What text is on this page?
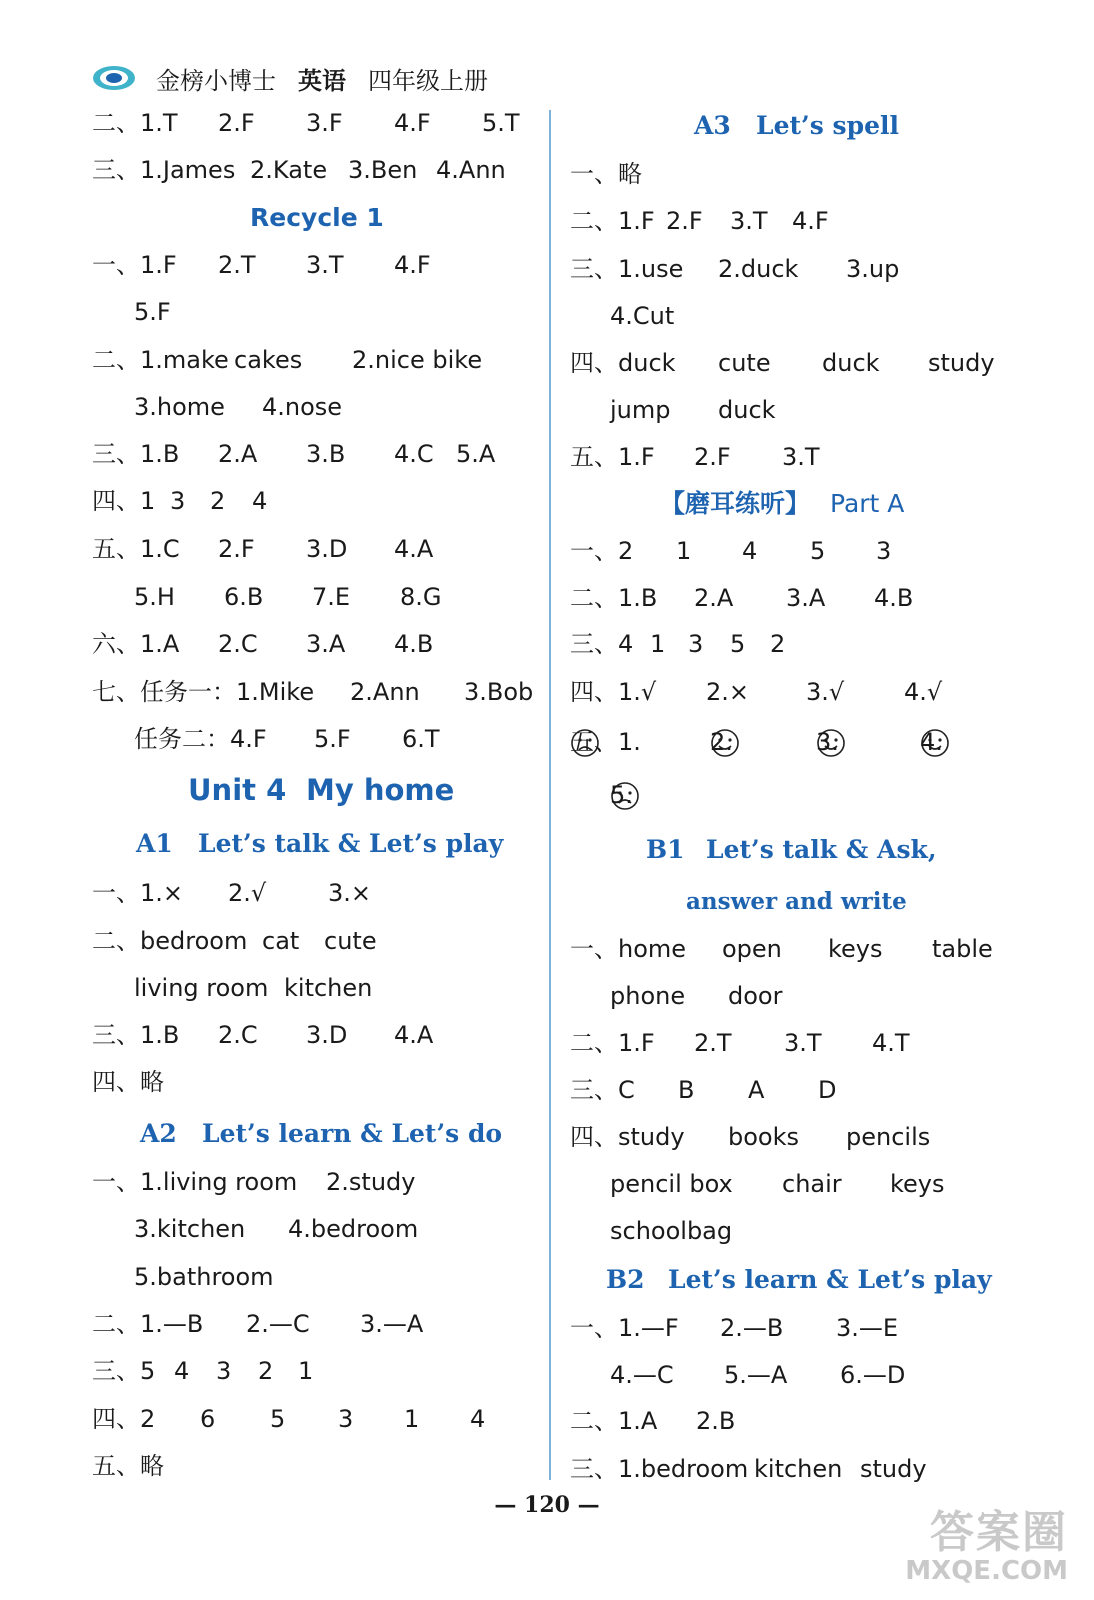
金榜小博士 英语 四年级上册
二、1.T 2.F 3.F 4.F 5.T
三、1.James 2.Kate 3.Ben 4.Ann
Recycle 1
一、1.F 2.T 3.T 4.F
5.F
二、1.make cakes 2.nice bike
3.home 4.nose
三、1.B 2.A 3.B 4.C 5.A
四、1 3 2 4
五、1.C 2.F 3.D 4.A
5.H 6.B 7.E 8.G
六、1.A 2.C 3.A 4.B
七、任务一：1.Mike 2.Ann 3.Bob
任务二：4.F 5.F 6.T
Unit 4 My home
A1 Let’s talk & Let’s play
一、1.× 2.√	3.×
二、bedroom cat cute
living room kitchen
三、1.B 2.C 3.D 4.A
四、略
A2 Let’s learn & Let’s do
一、1.living room 2.study
3.kitchen 4.bedroom
5.bathroom
二、1.—B 2.—C 3.—A
三、5 4 3 2 1
四、2 6 5 3 1 4
五、略
A3 Let’s spell
一、略
二、1.F 2.F 3.T 4.F
三、1.use 2.duck 3.up
4.Cut
四、duck cute duck study
jump duck
五、1.F 2.F 3.T
【磨耳练听】 Part A
一、2 1 4 5 3
二、1.B 2.A 3.A 4.B
三、4 1 3 5 2
四、1.√ 2.× 3.√ 4.√
五、1.	2.	3.	4.
5.
B1 Let’s talk & Ask,
answer and write
一、home open keys table
phone door
二、1.F 2.T 3.T 4.T
三、C B A D
四、study books pencils
pencil box chair keys
schoolbag
B2 Let’s learn & Let’s play
一、1.—F 2.—B 3.—E
4.—C 5.—A 6.—D
二、1.A 2.B
三、1.bedroom kitchen study
— 120 —
答案圈
MXQE.COM
